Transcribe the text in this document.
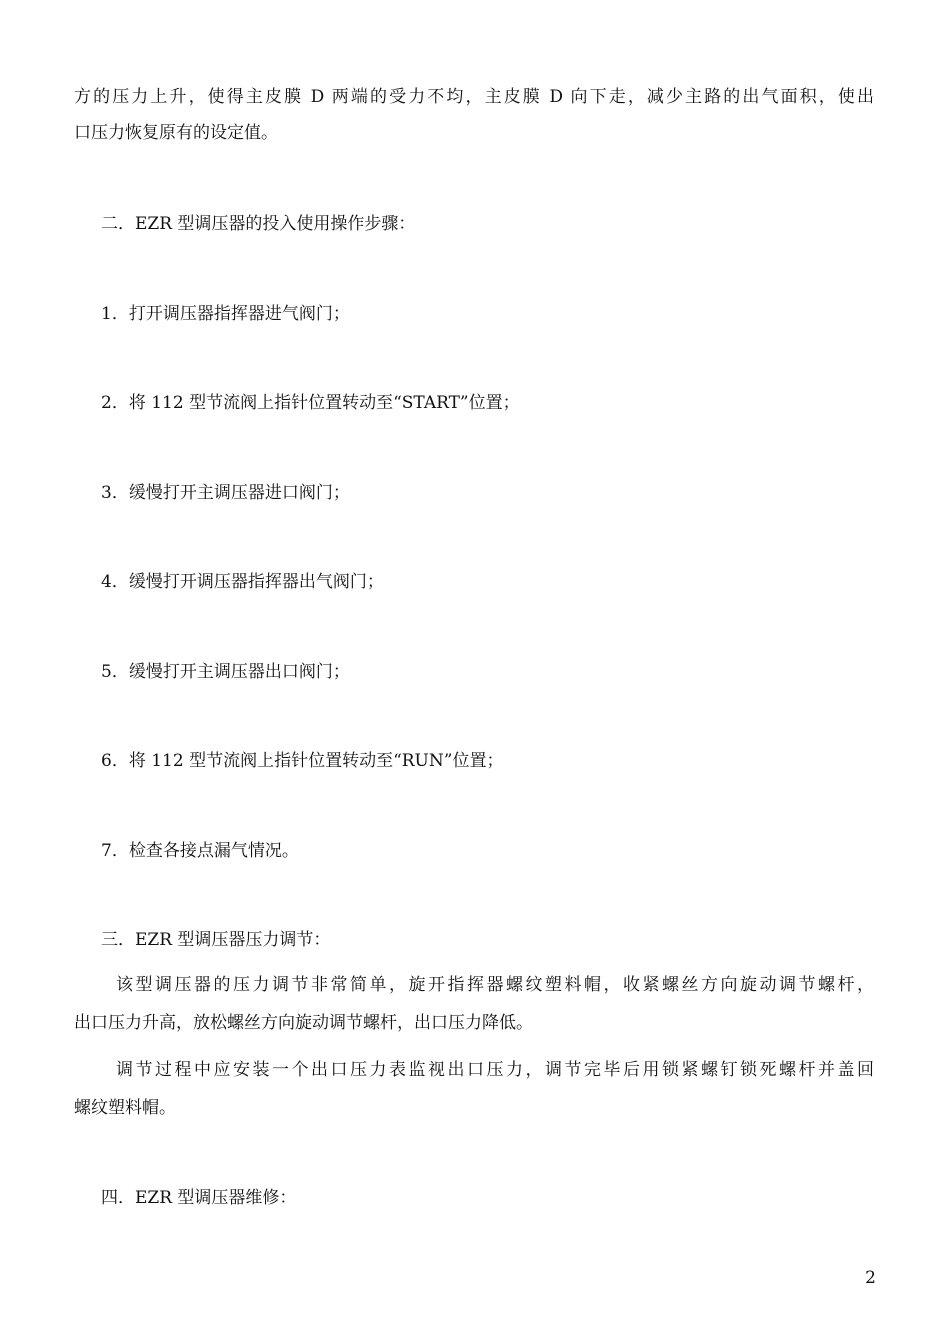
方的压力上升，使得主皮膜 D 两端的受力不均，主皮膜 D 向下走，减少主路的出气面积，使出
口压力恢复原有的设定值。
二．EZR 型调压器的投入使用操作步骤：
1．打开调压器指挥器进气阀门；
2．将 112 型节流阀上指针位置转动至“START”位置；
3．缓慢打开主调压器进口阀门；
4．缓慢打开调压器指挥器出气阀门；
5．缓慢打开主调压器出口阀门；
6．将 112 型节流阀上指针位置转动至“RUN”位置；
7．检查各接点漏气情况。
三．EZR 型调压器压力调节：
该型调压器的压力调节非常简单，旋开指挥器螺纹塑料帽，收紧螺丝方向旋动调节螺杆，
出口压力升高，放松螺丝方向旋动调节螺杆，出口压力降低。
调节过程中应安装一个出口压力表监视出口压力，调节完毕后用锁紧螺钉锁死螺杆并盖回
螺纹塑料帽。
四．EZR 型调压器维修：
2
